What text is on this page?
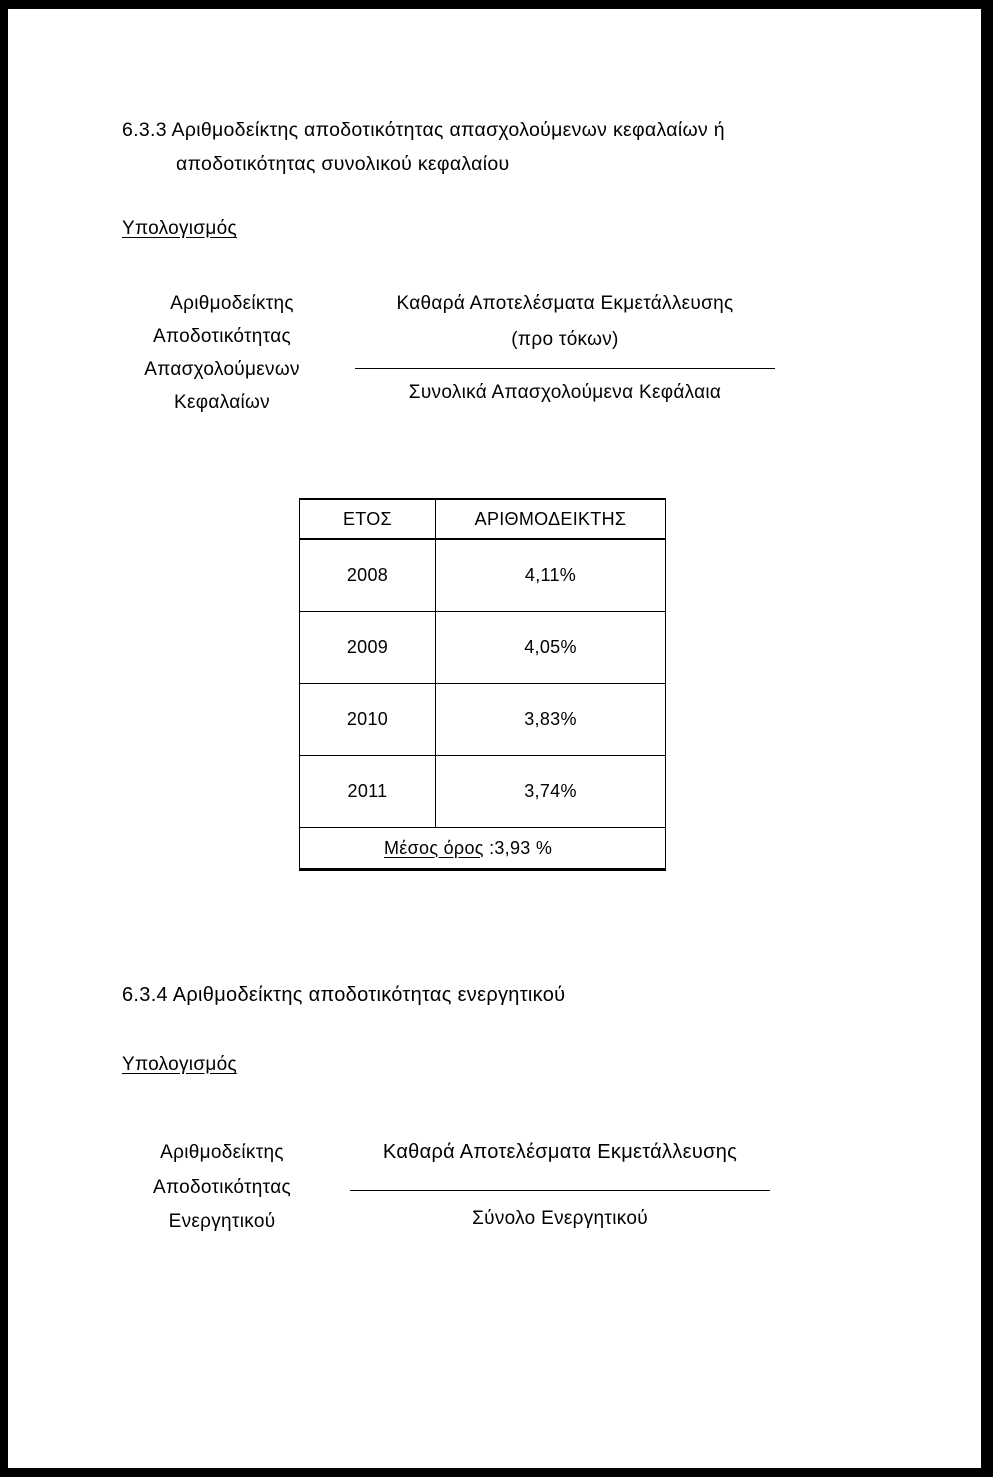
6.3.3 Αριθμοδείκτης αποδοτικότητας απασχολούμενων κεφαλαίων ή
αποδοτικότητας συνολικού κεφαλαίου
Υπολογισμός
Αριθμοδείκτης
Αποδοτικότητας
Απασχολούμενων
Κεφαλαίων
Καθαρά Αποτελέσματα Εκμετάλλευσης
(προ τόκων)
Συνολικά Απασχολούμενα Κεφάλαια
ΕΤΟΣ	ΑΡΙΘΜΟΔΕΙΚΤΗΣ
2008	4,11%
2009	4,05%
2010	3,83%
2011	3,74%
Μέσος όρος :3,93 %	
6.3.4 Αριθμοδείκτης αποδοτικότητας ενεργητικού
Υπολογισμός
Αριθμοδείκτης
Αποδοτικότητας
Ενεργητικού
Καθαρά Αποτελέσματα Εκμετάλλευσης
Σύνολο Ενεργητικού
